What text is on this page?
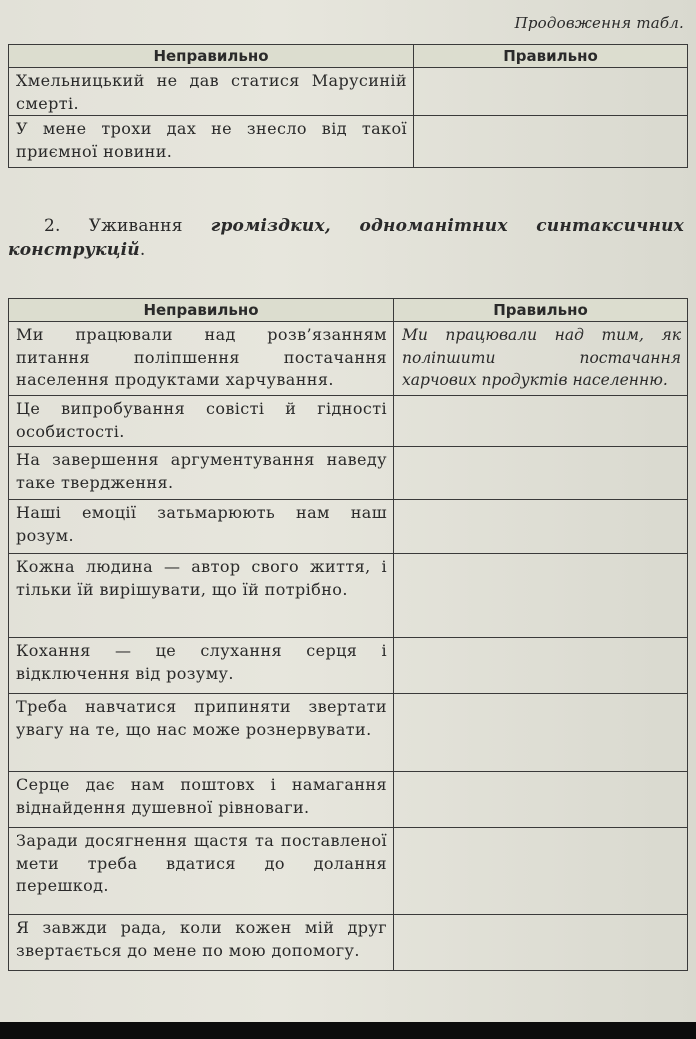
Продовження табл.
Неправильно	Правильно

Хмельницький не дав статися Марусиній смерті.	

У мене трохи дах не знесло від такої приємної новини.	

2. Уживання громіздких, одноманітних синтаксичних конструкцій.
Неправильно	Правильно

Ми працювали над розв’язанням питання поліпшення постачання населення продуктами харчування.	Ми працювали над тим, як поліпшити постачання харчових продуктів населенню.

Це випробування совісті й гідності особистості.	

На завершення аргументування наведу таке твердження.	

Наші емоції затьмарюють нам наш розум.	

Кожна людина — автор свого життя, і тільки їй вирішувати, що їй потрібно.	

Кохання — це слухання серця і відключення від розуму.	

Треба навчатися припиняти звертати увагу на те, що нас може рознервувати.	

Серце дає нам поштовх і намагання віднайдення душевної рівноваги.	

Заради досягнення щастя та поставленої мети треба вдатися до долання перешкод.	

Я завжди рада, коли кожен мій друг звертається до мене по мою допомогу.	
